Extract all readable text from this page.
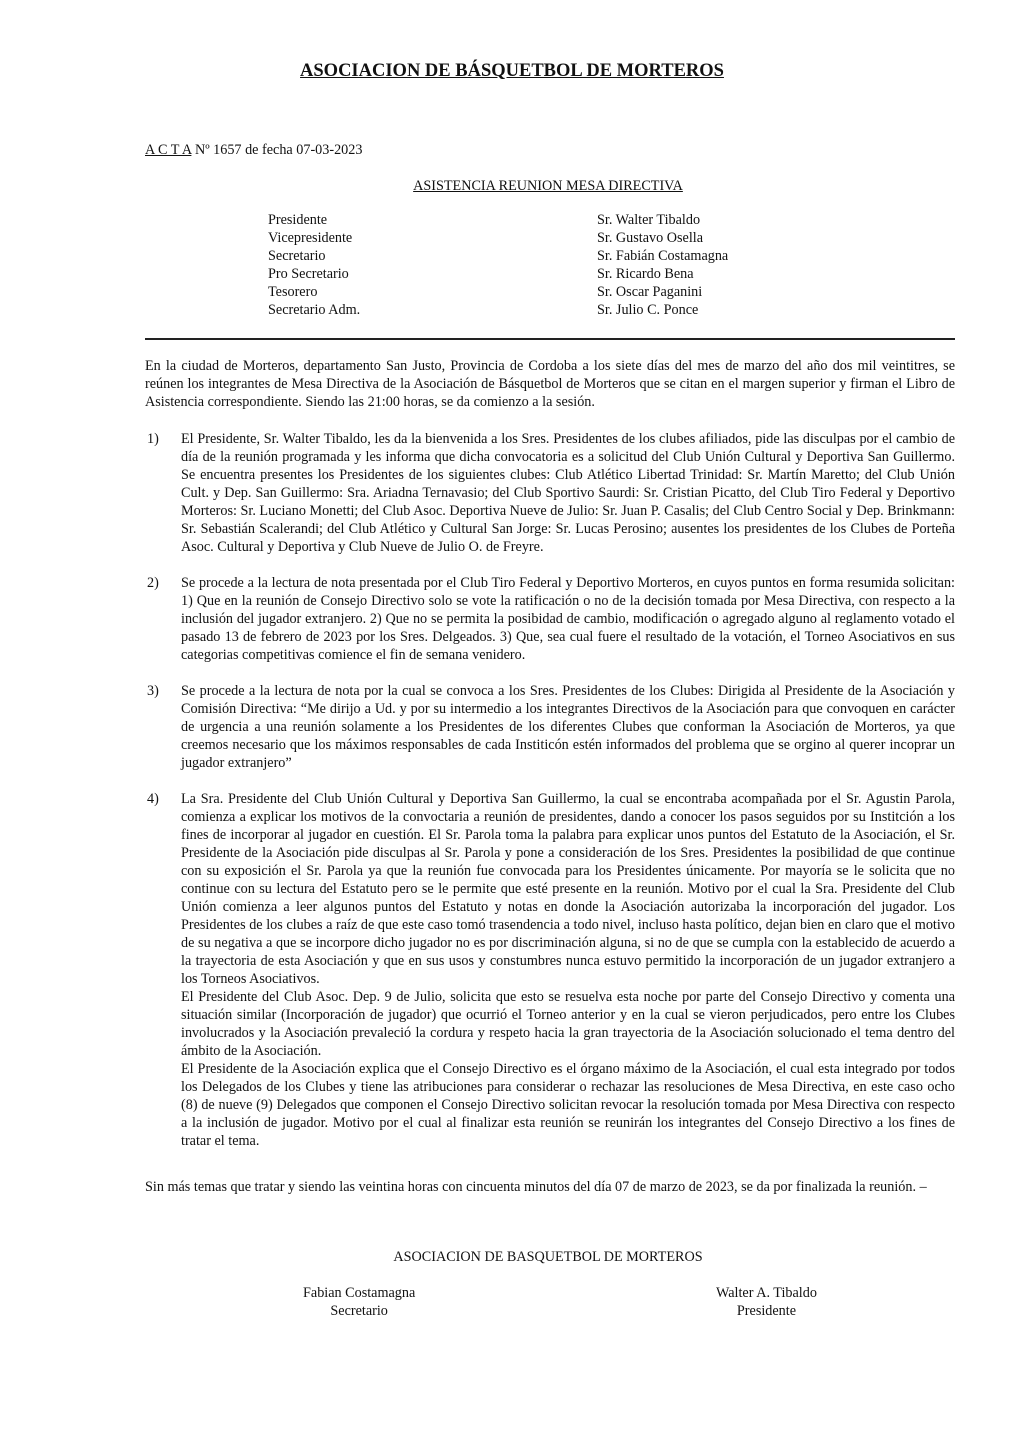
ASOCIACION DE BÁSQUETBOL DE MORTEROS
A C T A Nº 1657 de fecha 07-03-2023
ASISTENCIA REUNION MESA DIRECTIVA
Presidente	Sr. Walter Tibaldo
Vicepresidente	Sr. Gustavo Osella
Secretario	Sr. Fabián Costamagna
Pro Secretario	Sr. Ricardo Bena
Tesorero	Sr. Oscar Paganini
Secretario Adm.	Sr. Julio C. Ponce
En la ciudad de Morteros, departamento San Justo, Provincia de Cordoba a los siete días del mes de marzo del año dos mil veintitres, se reúnen los integrantes de Mesa Directiva de la Asociación de Básquetbol de Morteros que se citan en el margen superior y firman el Libro de Asistencia correspondiente. Siendo las 21:00 horas, se da comienzo a la sesión.
1) El Presidente, Sr. Walter Tibaldo, les da la bienvenida a los Sres. Presidentes de los clubes afiliados, pide las disculpas por el cambio de día de la reunión programada y les informa que dicha convocatoria es a solicitud del Club Unión Cultural y Deportiva San Guillermo. Se encuentra presentes los Presidentes de los siguientes clubes: Club Atlético Libertad Trinidad: Sr. Martín Maretto; del Club Unión Cult. y Dep. San Guillermo: Sra. Ariadna Ternavasio; del Club Sportivo Saurdi: Sr. Cristian Picatto, del Club Tiro Federal y Deportivo Morteros: Sr. Luciano Monetti; del Club Asoc. Deportiva Nueve de Julio: Sr. Juan P. Casalis; del Club Centro Social y Dep. Brinkmann: Sr. Sebastián Scalerandi; del Club Atlético y Cultural San Jorge: Sr. Lucas Perosino; ausentes los presidentes de los Clubes de Porteña Asoc. Cultural y Deportiva y Club Nueve de Julio O. de Freyre.

2) Se procede a la lectura de nota presentada por el Club Tiro Federal y Deportivo Morteros, en cuyos puntos en forma resumida solicitan: 1) Que en la reunión de Consejo Directivo solo se vote la ratificación o no de la decisión tomada por Mesa Directiva, con respecto a la inclusión del jugador extranjero. 2) Que no se permita la posibidad de cambio, modificación o agregado alguno al reglamento votado el pasado 13 de febrero de 2023 por los Sres. Delgeados. 3) Que, sea cual fuere el resultado de la votación, el Torneo Asociativos en sus categorias competitivas comience el fin de semana venidero.

3) Se procede a la lectura de nota por la cual se convoca a los Sres. Presidentes de los Clubes: Dirigida al Presidente de la Asociación y Comisión Directiva: “Me dirijo a Ud. y por su intermedio a los integrantes Directivos de la Asociación para que convoquen en carácter de urgencia a una reunión solamente a los Presidentes de los diferentes Clubes que conforman la Asociación de Morteros, ya que creemos necesario que los máximos responsables de cada Institicón estén informados del problema que se orgino al querer incoprar un jugador extranjero”

4) La Sra. Presidente del Club Unión Cultural y Deportiva San Guillermo, la cual se encontraba acompañada por el Sr. Agustin Parola, comienza a explicar los motivos de la convoctaria a reunión de presidentes, dando a conocer los pasos seguidos por su Institción a los fines de incorporar al jugador en cuestión. El Sr. Parola toma la palabra para explicar unos puntos del Estatuto de la Asociación, el Sr. Presidente de la Asociación pide disculpas al Sr. Parola y pone a consideración de los Sres. Presidentes la posibilidad de que continue con su exposición el Sr. Parola ya que la reunión fue convocada para los Presidentes únicamente. Por mayoría se le solicita que no continue con su lectura del Estatuto pero se le permite que esté presente en la reunión. Motivo por el cual la Sra. Presidente del Club Unión comienza a leer algunos puntos del Estatuto y notas en donde la Asociación autorizaba la incorporación del jugador. Los Presidentes de los clubes a raíz de que este caso tomó trasendencia a todo nivel, incluso hasta político, dejan bien en claro que el motivo de su negativa a que se incorpore dicho jugador no es por discriminación alguna, si no de que se cumpla con la establecido de acuerdo a la trayectoria de esta Asociación y que en sus usos y constumbres nunca estuvo permitido la incorporación de un jugador extranjero a los Torneos Asociativos.

El Presidente del Club Asoc. Dep. 9 de Julio, solicita que esto se resuelva esta noche por parte del Consejo Directivo y comenta una situación similar (Incorporación de jugador) que ocurrió el Torneo anterior y en la cual se vieron perjudicados, pero entre los Clubes involucrados y la Asociación prevaleció la cordura y respeto hacia la gran trayectoria de la Asociación solucionado el tema dentro del ámbito de la Asociación.

El Presidente de la Asociación explica que el Consejo Directivo es el órgano máximo de la Asociación, el cual esta integrado por todos los Delegados de los Clubes y tiene las atribuciones para considerar o rechazar las resoluciones de Mesa Directiva, en este caso ocho (8) de nueve (9) Delegados que componen el Consejo Directivo solicitan revocar la resolución tomada por Mesa Directiva con respecto a la inclusión de jugador. Motivo por el cual al finalizar esta reunión se reunirán los integrantes del Consejo Directivo a los fines de tratar el tema.

Sin más temas que tratar y siendo las veintina horas con cincuenta minutos del día 07 de marzo de 2023, se da por finalizada la reunión. –
ASOCIACION DE BASQUETBOL DE MORTEROS
Fabian Costamagna
Secretario
Walter A. Tibaldo
Presidente
